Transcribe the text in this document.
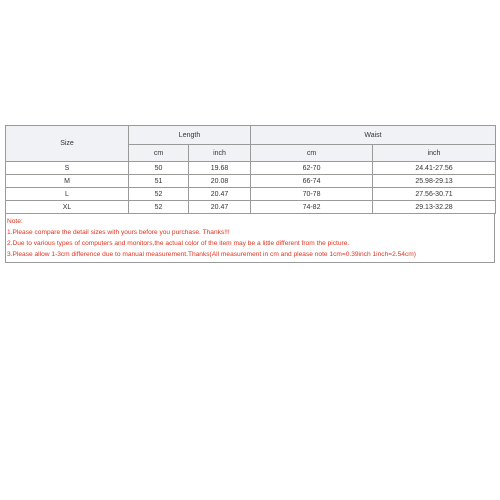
Size	Length		Waist	
	cm	inch	cm	inch
S	50	19.68	62-70	24.41-27.56
M	51	20.08	66-74	25.98-29.13
L	52	20.47	70-78	27.56-30.71
XL	52	20.47	74-82	29.13-32.28

Note:

1.Please compare the detail sizes with yours before you purchase. Thanks!!!

2.Due to various types of computers and monitors,the actual color of the item may be a little different from the picture.

3.Please allow 1-3cm difference due to manual measurement.Thanks(All measurement in cm and please note 1cm=0.39inch 1inch=2.54cm)
